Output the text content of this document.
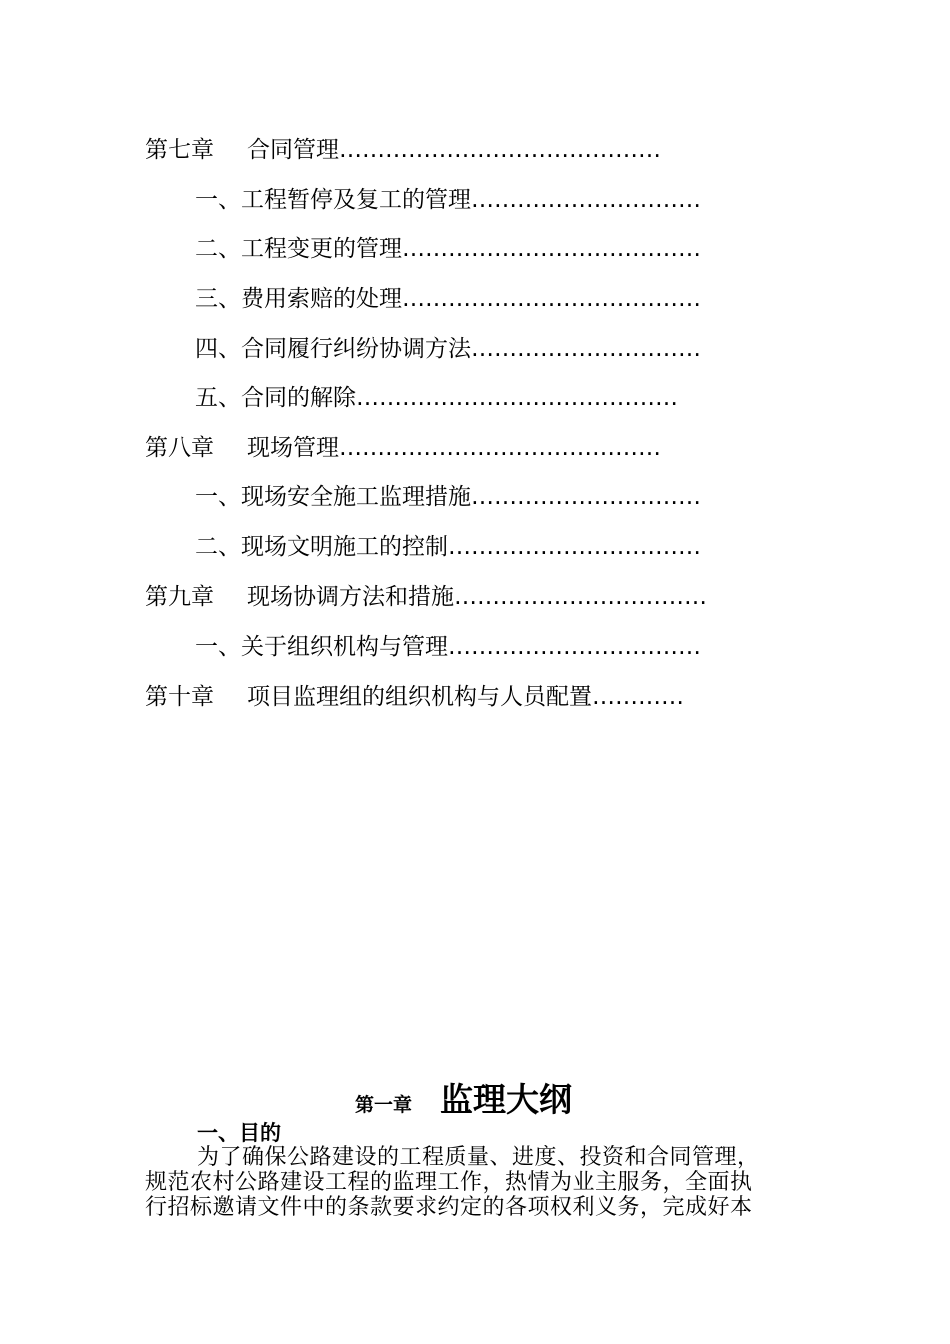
第七章 合同管理……………………………………
一、工程暂停及复工的管理…………………………
二、工程变更的管理…………………………………
三、费用索赔的处理…………………………………
四、合同履行纠纷协调方法…………………………
五、合同的解除……………………………………
第八章 现场管理……………………………………
一、现场安全施工监理措施…………………………
二、现场文明施工的控制……………………………
第九章 现场协调方法和措施……………………………
一、关于组织机构与管理……………………………
第十章 项目监理组的组织机构与人员配置…………
第一章 监理大纲
一、目的
为了确保公路建设的工程质量、进度、投资和合同管理，
规范农村公路建设工程的监理工作，热情为业主服务，全面执
行招标邀请文件中的条款要求约定的各项权利义务，完成好本
